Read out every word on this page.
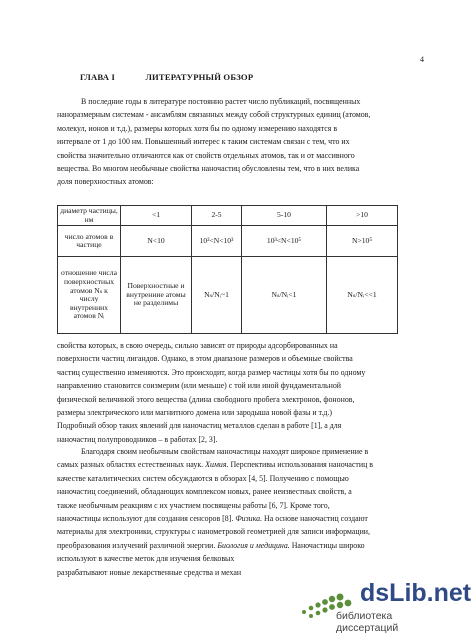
4
ГЛАВА I	ЛИТЕРАТУРНЫЙ ОБЗОР

В последние годы в литературе постоянно растет число публикаций, посвященных

наноразмерным системам - ансамблям связанных между собой структурных единиц (атомов,

молекул, ионов и т.д.), размеры которых хотя бы по одному измерению находятся в

интервале от 1 до 100 нм. Повышенный интерес к таким системам связан с тем, что их

свойства значительно отличаются как от свойств отдельных атомов, так и от массивного

вещества. Во многом необычные свойства наночастиц обусловлены тем, что в них велика

доля поверхностных атомов:

диаметр частицы, нм	<1	2-5	5-10	>10
число атомов в частице	N<10	10²<N<10³	10³<N<10⁵	N>10⁵
отношение числа поверхностных атомов Nₛ к числу внутренних атомов Nᵢ	Поверхностные и внутренние атомы не разделимы	Nₛ/Nᵢ~1	Nₛ/Nᵢ<1	Nₛ/Nᵢ<<1

свойства которых, в свою очередь, сильно зависят от природы адсорбированных на

поверхности частиц лигандов. Однако, в этом диапазоне размеров и объемные свойства

частиц существенно изменяются. Это происходит, когда размер частицы хотя бы по одному

направлению становится соизмерим (или меньше) с той или иной фундаментальной

физической величиной этого вещества (длина свободного пробега электронов, фононов,

размеры электрического или магнитного домена или зародыша новой фазы и т.д.)

Подробный обзор таких явлений для наночастиц металлов сделан в работе [1], а для

наночастиц полупроводников – в работах [2, 3].

Благодаря своим необычным свойствам наночастицы находят широкое применение в

самых разных областях естественных наук. Химия. Перспективы использования наночастиц в

качестве каталитических систем обсуждаются в обзорах [4, 5]. Получению с помощью

наночастиц соединений, обладающих комплексом новых, ранее неизвестных свойств, а

также необычным реакциям с их участием посвящены работы [6, 7]. Кроме того,

наночастицы используют для создания сенсоров [8]. Физика. На основе наночастиц создают

материалы для электроники, структуры с нанометровой геометрией для записи информации,

преобразования излучений различной энергии. Биология и медицина. Наночастицы широко

используют в качестве меток для изучения белковых

разрабатывают новые лекарственные средства и механ

dsLib.net
библиотека диссертаций
